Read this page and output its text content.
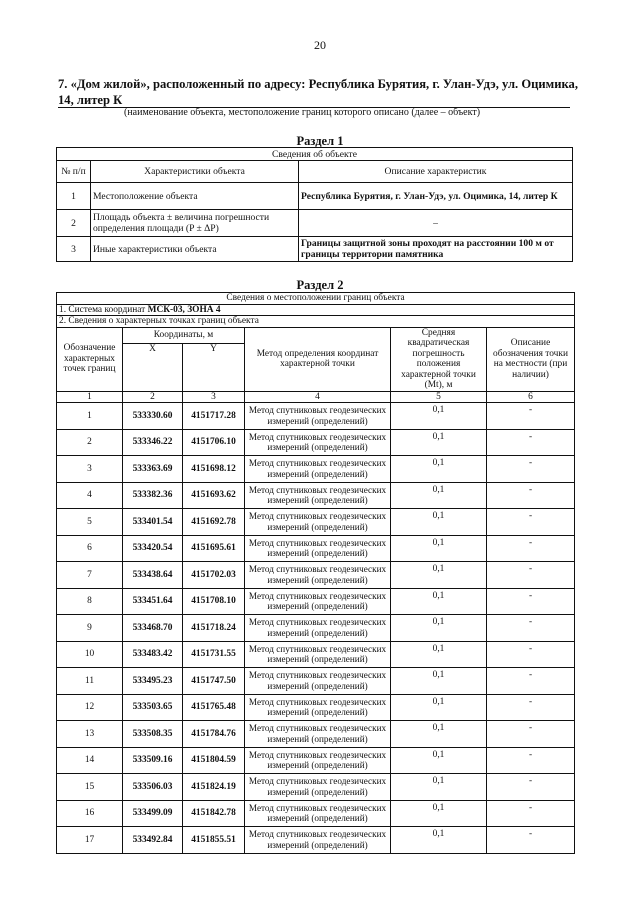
20
7. «Дом жилой», расположенный по адресу: Республика Бурятия, г. Улан-Удэ, ул. Оцимика, 14, литер К
(наименование объекта, местоположение границ которого описано (далее – объект)
Раздел 1
Сведения об объекте		
№ п/п	Характеристики объекта	Описание характеристик
1	Местоположение объекта	Республика Бурятия, г. Улан-Удэ, ул. Оцимика, 14, литер К
2	Площадь объекта ± величина погрешности определения площади (P ± ΔP)	–
3	Иные характеристики объекта	Границы защитной зоны проходят на расстоянии 100 м от границы территории памятника
Раздел 2
Сведения о местоположении границ объекта					
1. Система координат МСК-03, ЗОНА 4					
2. Сведения о характерных точках границ объекта					
Обозначение характерных точек границ	Координаты, м		Метод определения координат характерной точки	Средняя квадратическая погрешность положения характерной точки (Mt), м	Описание обозначения точки на местности (при наличии)
	X	Y			
1	2	3	4	5	6
1	533330.60	4151717.28	Метод спутниковых геодезических измерений (определений)	0,1	-
2	533346.22	4151706.10	Метод спутниковых геодезических измерений (определений)	0,1	-
3	533363.69	4151698.12	Метод спутниковых геодезических измерений (определений)	0,1	-
4	533382.36	4151693.62	Метод спутниковых геодезических измерений (определений)	0,1	-
5	533401.54	4151692.78	Метод спутниковых геодезических измерений (определений)	0,1	-
6	533420.54	4151695.61	Метод спутниковых геодезических измерений (определений)	0,1	-
7	533438.64	4151702.03	Метод спутниковых геодезических измерений (определений)	0,1	-
8	533451.64	4151708.10	Метод спутниковых геодезических измерений (определений)	0,1	-
9	533468.70	4151718.24	Метод спутниковых геодезических измерений (определений)	0,1	-
10	533483.42	4151731.55	Метод спутниковых геодезических измерений (определений)	0,1	-
11	533495.23	4151747.50	Метод спутниковых геодезических измерений (определений)	0,1	-
12	533503.65	4151765.48	Метод спутниковых геодезических измерений (определений)	0,1	-
13	533508.35	4151784.76	Метод спутниковых геодезических измерений (определений)	0,1	-
14	533509.16	4151804.59	Метод спутниковых геодезических измерений (определений)	0,1	-
15	533506.03	4151824.19	Метод спутниковых геодезических измерений (определений)	0,1	-
16	533499.09	4151842.78	Метод спутниковых геодезических измерений (определений)	0,1	-
17	533492.84	4151855.51	Метод спутниковых геодезических измерений (определений)	0,1	-
